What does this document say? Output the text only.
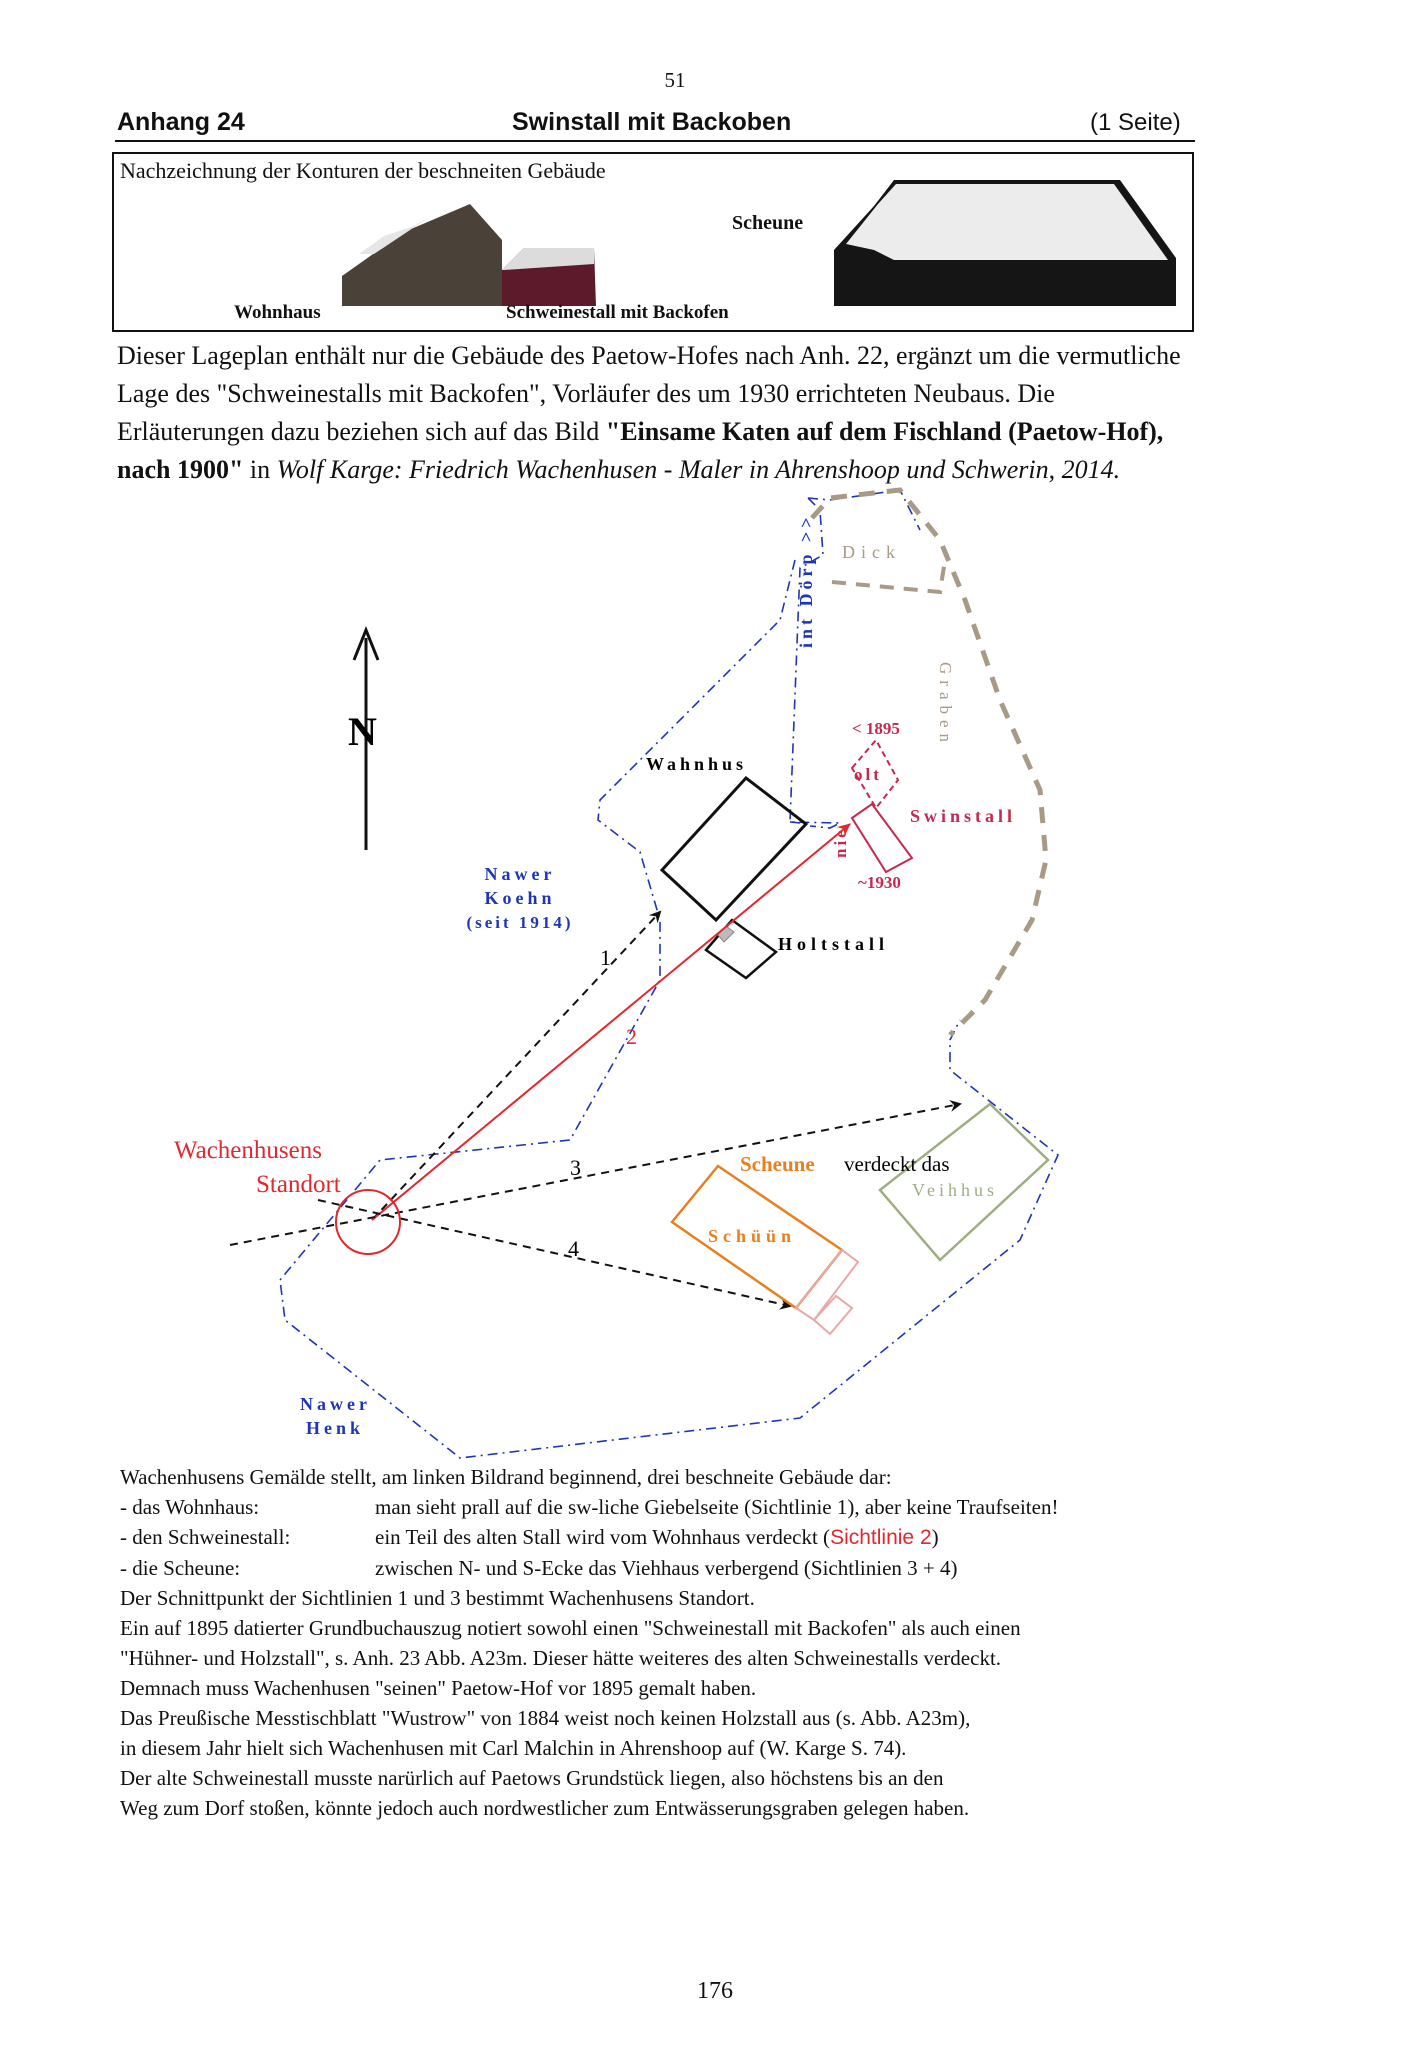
51
Anhang 24	Swinstall mit Backoben	(1 Seite)
Nachzeichnung der Konturen der beschneiten Gebäude
Scheune
Wohnhaus	Schweinestall mit Backofen
Dieser Lageplan enthält nur die Gebäude des Paetow-Hofes nach Anh. 22, ergänzt um die vermutliche Lage des "Schweinestalls mit Backofen", Vorläufer des um 1930 errichteten Neubaus. Die Erläuterungen dazu beziehen sich auf das Bild "Einsame Katen auf dem Fischland (Paetow-Hof), nach 1900" in Wolf Karge: Friedrich Wachenhusen - Maler in Ahrenshoop und Schwerin, 2014.
N
int Dörp >> Dick
Graben
Wahnhus
Holtstall
olt
nie
< 1895
Swinstall
~1930
Nawer
Koehn
(seit 1914)
1
2
3
4
Wachenhusens
Standort	Veihhus
Schüün
Scheune verdeckt das
Nawer
Henk
Wachenhusens Gemälde stellt, am linken Bildrand beginnend, drei beschneite Gebäude dar:
- das Wohnhaus:	man sieht prall auf die sw-liche Giebelseite (Sichtlinie 1), aber keine Traufseiten!
- den Schweinestall:	ein Teil des alten Stall wird vom Wohnhaus verdeckt (Sichtlinie 2)
- die Scheune:	zwischen N- und S-Ecke das Viehhaus verbergend (Sichtlinien 3 + 4)
Der Schnittpunkt der Sichtlinien 1 und 3 bestimmt Wachenhusens Standort.
Ein auf 1895 datierter Grundbuchauszug notiert sowohl einen "Schweinestall mit Backofen" als auch einen
"Hühner- und Holzstall", s. Anh. 23 Abb. A23m. Dieser hätte weiteres des alten Schweinestalls verdeckt.
Demnach muss Wachenhusen "seinen" Paetow-Hof vor 1895 gemalt haben.
Das Preußische Messtischblatt "Wustrow" von 1884 weist noch keinen Holzstall aus (s. Abb. A23m),
in diesem Jahr hielt sich Wachenhusen mit Carl Malchin in Ahrenshoop auf (W. Karge S. 74).
Der alte Schweinestall musste narürlich auf Paetows Grundstück liegen, also höchstens bis an den
Weg zum Dorf stoßen, könnte jedoch auch nordwestlicher zum Entwässerungsgraben gelegen haben.
176
